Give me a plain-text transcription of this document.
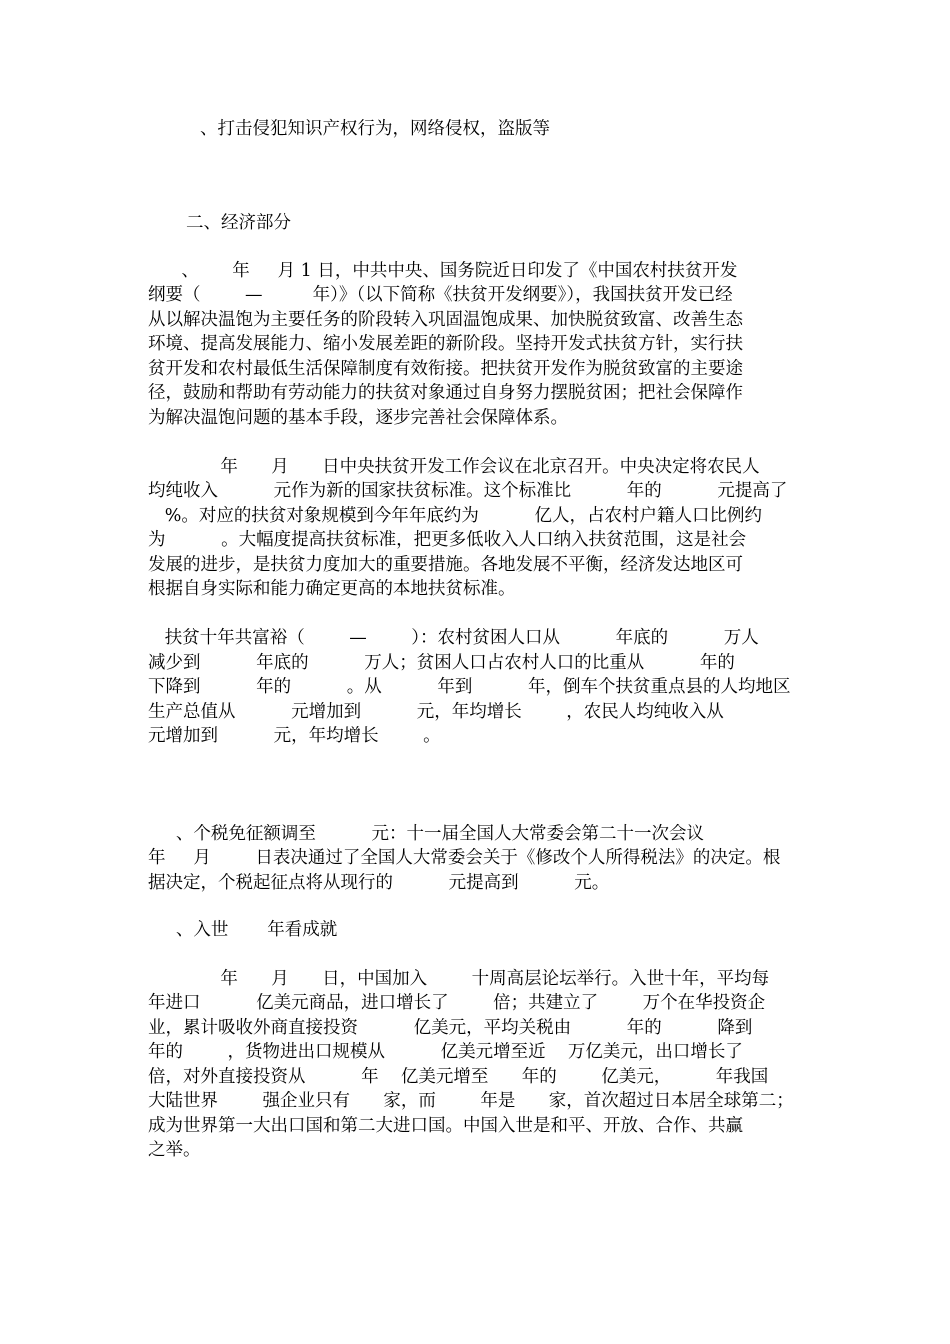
、打击侵犯知识产权行为，网络侵权，盗版等
二、经济部分
、      年     月 1 日，中共中央、国务院近日印发了《中国农村扶贫开发
纲要（        —         年）》（以下简称《扶贫开发纲要》），我国扶贫开发已经
从以解决温饱为主要任务的阶段转入巩固温饱成果、加快脱贫致富、改善生态
环境、提高发展能力、缩小发展差距的新阶段。坚持开发式扶贫方针，实行扶
贫开发和农村最低生活保障制度有效衔接。把扶贫开发作为脱贫致富的主要途
径，鼓励和帮助有劳动能力的扶贫对象通过自身努力摆脱贫困；把社会保障作
为解决温饱问题的基本手段，逐步完善社会保障体系。
年      月      日中央扶贫开发工作会议在北京召开。中央决定将农民人
均纯收入          元作为新的国家扶贫标准。这个标准比          年的          元提高了
%。对应的扶贫对象规模到今年年底约为          亿人，占农村户籍人口比例约
为          。大幅度提高扶贫标准，把更多低收入人口纳入扶贫范围，这是社会
发展的进步，是扶贫力度加大的重要措施。各地发展不平衡，经济发达地区可
根据自身实际和能力确定更高的本地扶贫标准。
扶贫十年共富裕（        —        ）：农村贫困人口从          年底的          万人
减少到          年底的          万人；贫困人口占农村人口的比重从          年的
下降到          年的          。从          年到          年，倒车个扶贫重点县的人均地区
生产总值从          元增加到          元，年均增长        ，农民人均纯收入从
元增加到          元，年均增长        。
、个税免征额调至          元：十一届全国人大常委会第二十一次会议
年     月        日表决通过了全国人大常委会关于《修改个人所得税法》的决定。根
据决定，个税起征点将从现行的          元提高到          元。
、入世       年看成就
年      月      日，中国加入        十周高层论坛举行。入世十年，平均每
年进口          亿美元商品，进口增长了        倍；共建立了        万个在华投资企
业，累计吸收外商直接投资          亿美元，平均关税由          年的          降到
年的        ，货物进出口规模从          亿美元增至近    万亿美元，出口增长了
倍，对外直接投资从          年    亿美元增至      年的        亿美元，        年我国
大陆世界        强企业只有      家，而        年是      家，首次超过日本居全球第二；
成为世界第一大出口国和第二大进口国。中国入世是和平、开放、合作、共赢
之举。
